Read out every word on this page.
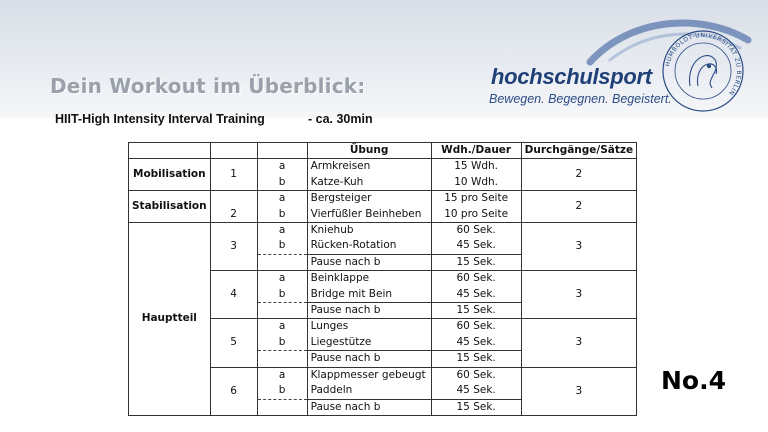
Dein Workout im Überblick:
HIIT-High Intensity Interval Training	- ca. 30min
hochschulsport
Bewegen. Begegnen. Begeistert.
HUMBOLDT-UNIVERSITÄT ZU BERLIN
			Übung	Wdh./Dauer	Durchgänge/Sätze
Mobilisation	1	a	Armkreisen	15 Wdh.	2
		b	Katze-Kuh	10 Wdh.	
Stabilisation	2	a	Bergsteiger	15 pro Seite	2
		b	Vierfüßler Beinheben	10 pro Seite	
Hauptteil	3	a	Kniehub	60 Sek.	3
		b	Rücken-Rotation	45 Sek.	
			Pause nach b	15 Sek.	
	4	a	Beinklappe	60 Sek.	3
		b	Bridge mit Bein	45 Sek.	
			Pause nach b	15 Sek.	
	5	a	Lunges	60 Sek.	3
		b	Liegestütze	45 Sek.	
			Pause nach b	15 Sek.	
	6	a	Klappmesser gebeugt	60 Sek.	3
		b	Paddeln	45 Sek.	
			Pause nach b	15 Sek.	
No.4
